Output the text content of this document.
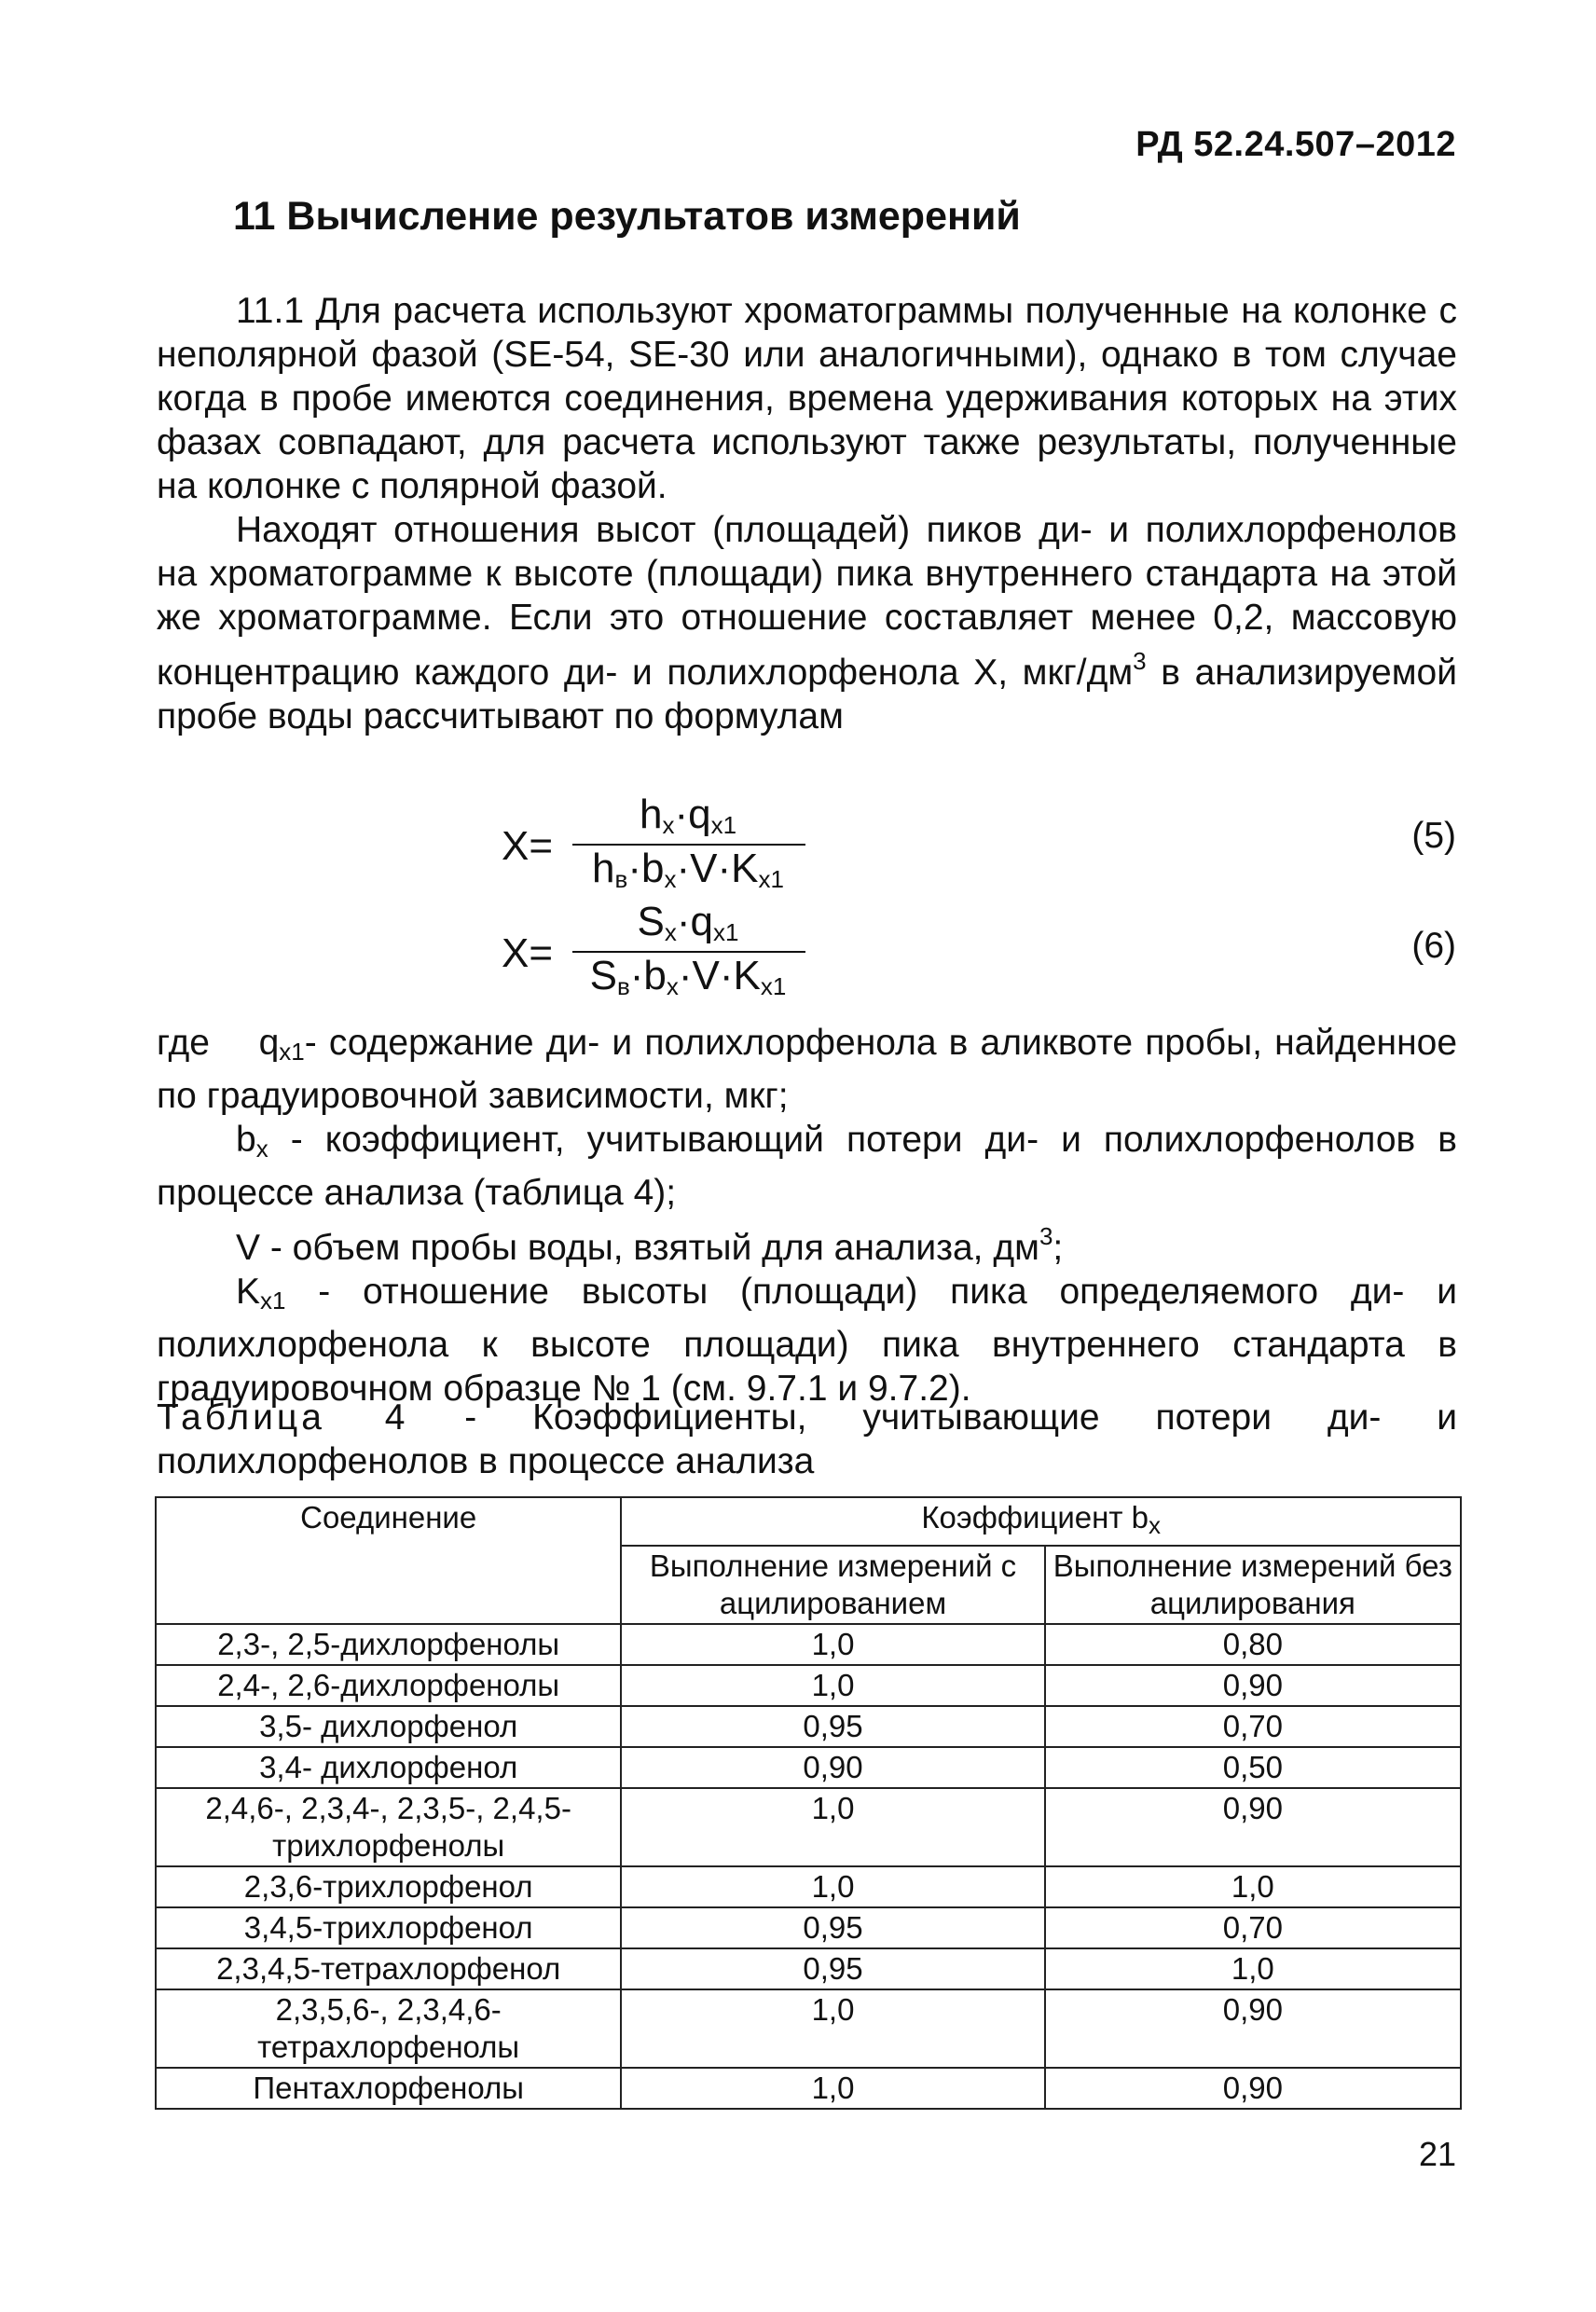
РД 52.24.507–2012
11 Вычисление результатов измерений

11.1 Для расчета используют хроматограммы полученные на колонке с неполярной фазой (SE-54, SE-30 или аналогичными), однако в том случае когда в пробе имеются соединения, времена удерживания которых на этих фазах совпадают, для расчета используют также результаты, полученные на колонке с полярной фазой.

Находят отношения высот (площадей) пиков ди- и полихлорфенолов на хроматограмме к высоте (площади) пика внутреннего стандарта на этой же хроматограмме. Если это отношение составляет менее 0,2, массовую концентрацию каждого ди- и полихлорфенола X, мкг/$дм^3$ в анализируемой пробе воды рассчитывают по формулам

X=
$h_x\cdot q_{x1}$
$h_в\cdot b_x\cdot V\cdot K_{x1}$
(5)
X=
$S_x\cdot q_{x1}$
$S_в\cdot b_x\cdot V\cdot K_{x1}$
(6)

где $q_{x1}-$ содержание ди- и полихлорфенола в аликвоте пробы, найденное по градуировочной зависимости, мкг;

$b_x$ - коэффициент, учитывающий потери ди- и полихлорфенолов в процессе анализа (таблица 4);

V - объем пробы воды, взятый для анализа, $дм^3$;

$K_{x1}$ - отношение высоты (площади) пика определяемого ди- и полихлорфенола к высоте площади) пика внутреннего стандарта в градуировочном образце № 1 (см. 9.7.1 и 9.7.2).

Таблица 4 - Коэффициенты, учитывающие потери ди- и полихлорфенолов в процессе анализа

Соединение	Коэффициент $b_x$
	Выполнение измерений с ацилированием	Выполнение измерений без ацилирования
2,3-, 2,5-дихлорфенолы	1,0	0,80
2,4-, 2,6-дихлорфенолы	1,0	0,90
3,5- дихлорфенол	0,95	0,70
3,4- дихлорфенол	0,90	0,50
2,4,6-, 2,3,4-, 2,3,5-, 2,4,5-трихлорфенолы	1,0	0,90
2,3,6-трихлорфенол	1,0	1,0
3,4,5-трихлорфенол	0,95	0,70
2,3,4,5-тетрахлорфенол	0,95	1,0
2,3,5,6-, 2,3,4,6-тетрахлорфенолы	1,0	0,90
Пентахлорфенолы	1,0	0,90
21
